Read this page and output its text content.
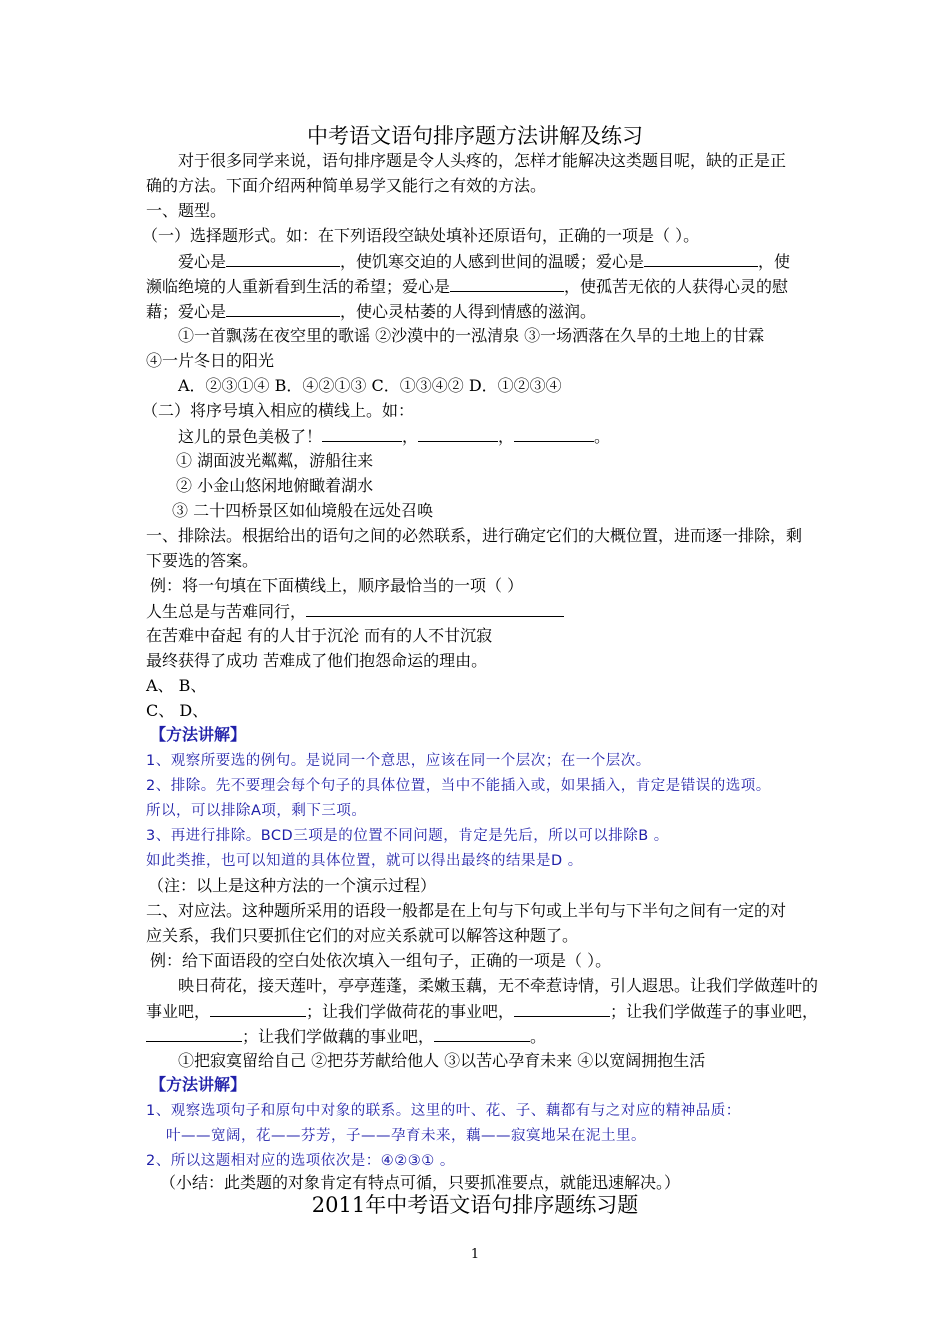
中考语文语句排序题方法讲解及练习
对于很多同学来说，语句排序题是令人头疼的，怎样才能解决这类题目呢，缺的正是正
确的方法。下面介绍两种简单易学又能行之有效的方法。
一、题型。
（一）选择题形式。如：在下列语段空缺处填补还原语句，正确的一项是（ ）。
爱心是	，使饥寒交迫的人感到世间的温暖；爱心是	，使
濒临绝境的人重新看到生活的希望；爱心是	，使孤苦无依的人获得心灵的慰
藉；爱心是	，使心灵枯萎的人得到情感的滋润。
①一首飘荡在夜空里的歌谣 ②沙漠中的一泓清泉 ③一场洒落在久旱的土地上的甘霖
④一片冬日的阳光
A．②③①④ B．④②①③ C．①③④② D．①②③④
（二）将序号填入相应的横线上。如：
这儿的景色美极了！	，	，	。
① 湖面波光粼粼，游船往来
② 小金山悠闲地俯瞰着湖水
③ 二十四桥景区如仙境般在远处召唤
一、排除法。根据给出的语句之间的必然联系，进行确定它们的大概位置，进而逐一排除，剩
下要选的答案。
例：将一句填在下面横线上，顺序最恰当的一项（ ）
人生总是与苦难同行，
在苦难中奋起 有的人甘于沉沦 而有的人不甘沉寂
最终获得了成功 苦难成了他们抱怨命运的理由。
A、 B、
C、 D、
【方法讲解】
1、观察所要选的例句。是说同一个意思，应该在同一个层次；在一个层次。
2、排除。先不要理会每个句子的具体位置，当中不能插入或，如果插入，肯定是错误的选项。
所以，可以排除A项，剩下三项。
3、再进行排除。BCD三项是的位置不同问题，肯定是先后，所以可以排除B 。
如此类推，也可以知道的具体位置，就可以得出最终的结果是D 。
（注：以上是这种方法的一个演示过程）
二、对应法。这种题所采用的语段一般都是在上句与下句或上半句与下半句之间有一定的对
应关系，我们只要抓住它们的对应关系就可以解答这种题了。
例：给下面语段的空白处依次填入一组句子，正确的一项是（ ）。
映日荷花，接天莲叶，亭亭莲蓬，柔嫩玉藕，无不牵惹诗情，引人遐思。让我们学做莲叶的
事业吧，	；让我们学做荷花的事业吧，	；让我们学做莲子的事业吧，
；让我们学做藕的事业吧，	。
①把寂寞留给自己 ②把芬芳献给他人 ③以苦心孕育未来 ④以宽阔拥抱生活
【方法讲解】
1、观察选项句子和原句中对象的联系。这里的叶、花、子、藕都有与之对应的精神品质：
叶——宽阔，花——芬芳，子——孕育未来，藕——寂寞地呆在泥土里。
2、所以这题相对应的选项依次是：④②③① 。
（小结：此类题的对象肯定有特点可循，只要抓准要点，就能迅速解决。）
2011年中考语文语句排序题练习题
1
